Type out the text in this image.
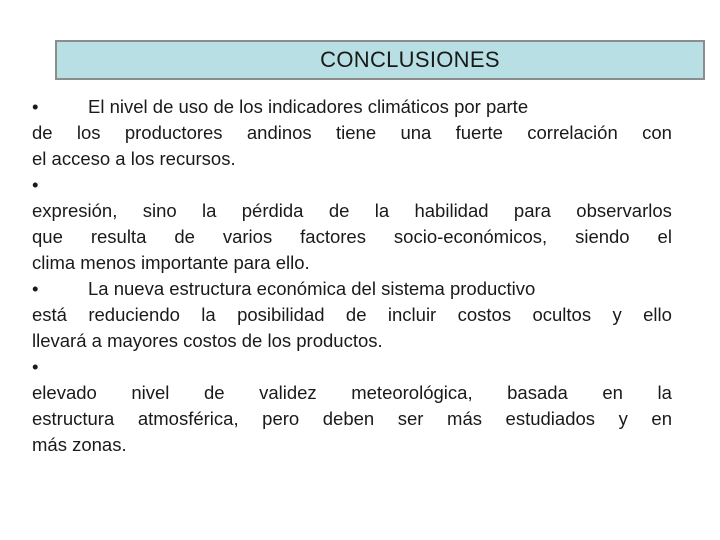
CONCLUSIONES
•	El nivel de uso de los indicadores climáticos por parte
de los productores andinos tiene una fuerte correlación con
el acceso a los recursos.
•
expresión, sino la pérdida de la habilidad para observarlos
que resulta de varios factores socio-económicos, siendo el
clima menos importante para ello.
•	La nueva estructura económica del sistema productivo
está reduciendo la posibilidad de incluir costos ocultos y ello
llevará a mayores costos de los productos.
•
elevado nivel de validez meteorológica, basada en la
estructura atmosférica, pero deben ser más estudiados y en
más zonas.
